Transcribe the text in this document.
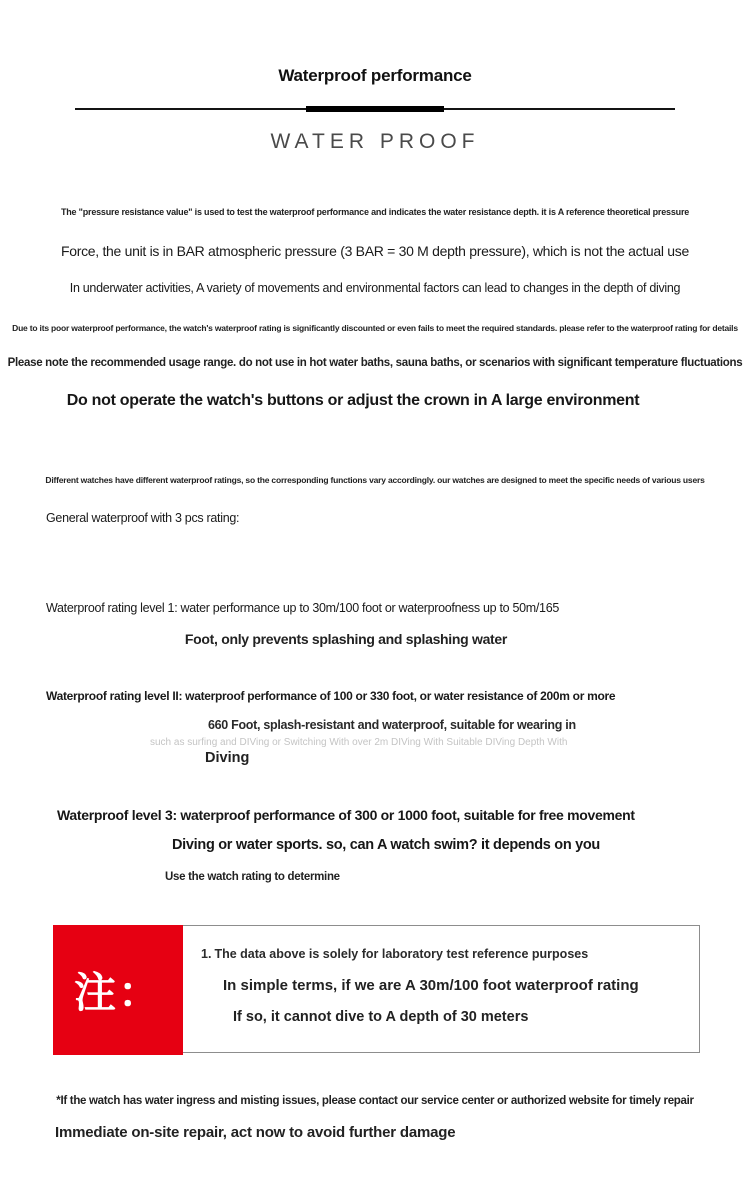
Waterproof performance
WATER PROOF
The "pressure resistance value" is used to test the waterproof performance and indicates the water resistance depth. it is A reference theoretical pressure
Force, the unit is in BAR atmospheric pressure (3 BAR = 30 M depth pressure), which is not the actual use
In underwater activities, A variety of movements and environmental factors can lead to changes in the depth of diving
Due to its poor waterproof performance, the watch's waterproof rating is significantly discounted or even fails to meet the required standards. please refer to the waterproof rating for details
Please note the recommended usage range. do not use in hot water baths, sauna baths, or scenarios with significant temperature fluctuations
Do not operate the watch's buttons or adjust the crown in A large environment
Different watches have different waterproof ratings, so the corresponding functions vary accordingly. our watches are designed to meet the specific needs of various users
General waterproof with 3 pcs rating:
Waterproof rating level 1: water performance up to 30m/100 foot or waterproofness up to 50m/165
Foot, only prevents splashing and splashing water
Waterproof rating level II: waterproof performance of 100 or 330 foot, or water resistance of 200m or more
660 Foot, splash-resistant and waterproof, suitable for wearing in
such as surfing and DIVing or Switching With over 2m DIVing With Suitable DIVing Depth With
Diving
Waterproof level 3: waterproof performance of 300 or 1000 foot, suitable for free movement
Diving or water sports. so, can A watch swim? it depends on you
Use the watch rating to determine
注：
1. The data above is solely for laboratory test reference purposes
In simple terms, if we are A 30m/100 foot waterproof rating
If so, it cannot dive to A depth of 30 meters
*If the watch has water ingress and misting issues, please contact our service center or authorized website for timely repair
Immediate on-site repair, act now to avoid further damage
